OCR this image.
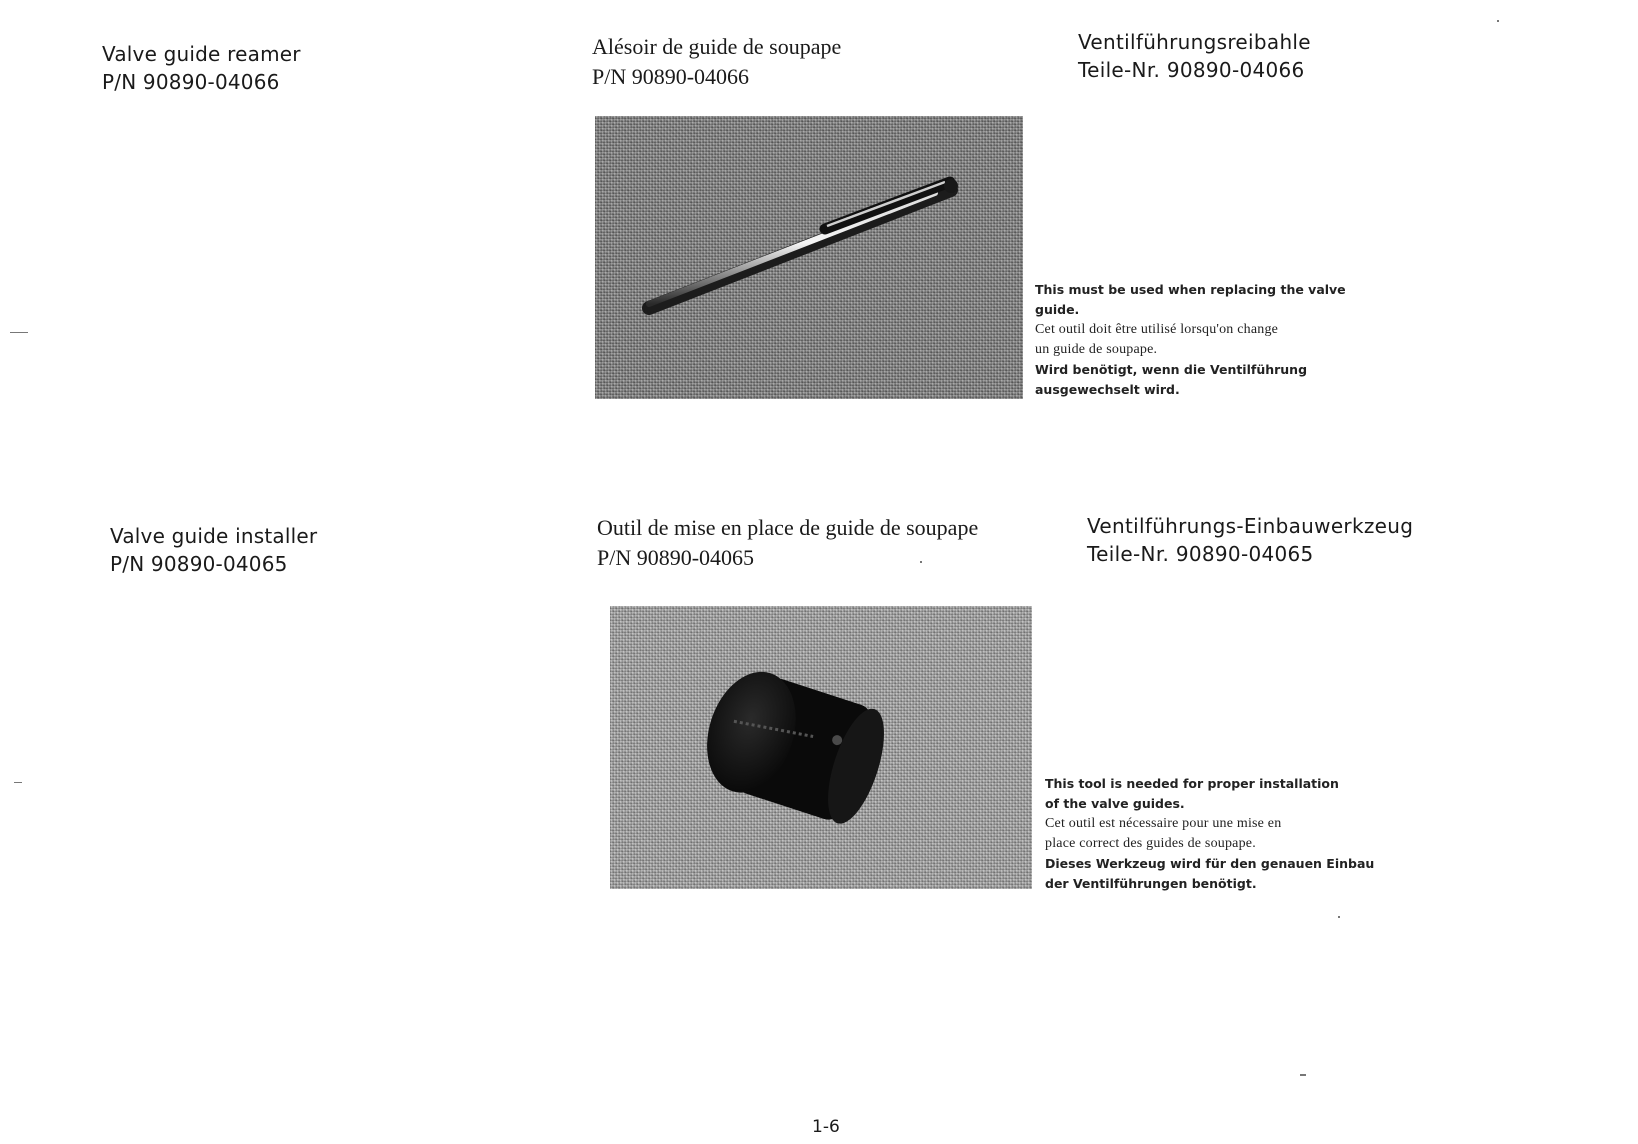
Valve guide reamer
P/N 90890-04066
Alésoir de guide de soupape
P/N 90890-04066
Ventilführungsreibahle
Teile-Nr. 90890-04066
This must be used when replacing the valve
guide.
Cet outil doit être utilisé lorsqu'on change
un guide de soupape.
Wird benötigt, wenn die Ventilführung
ausgewechselt wird.
Valve guide installer
P/N 90890-04065
Outil de mise en place de guide de soupape
P/N 90890-04065
Ventilführungs-Einbauwerkzeug
Teile-Nr. 90890-04065
This tool is needed for proper installation
of the valve guides.
Cet outil est nécessaire pour une mise en
place correct des guides de soupape.
Dieses Werkzeug wird für den genauen Einbau
der Ventilführungen benötigt.
1-6
